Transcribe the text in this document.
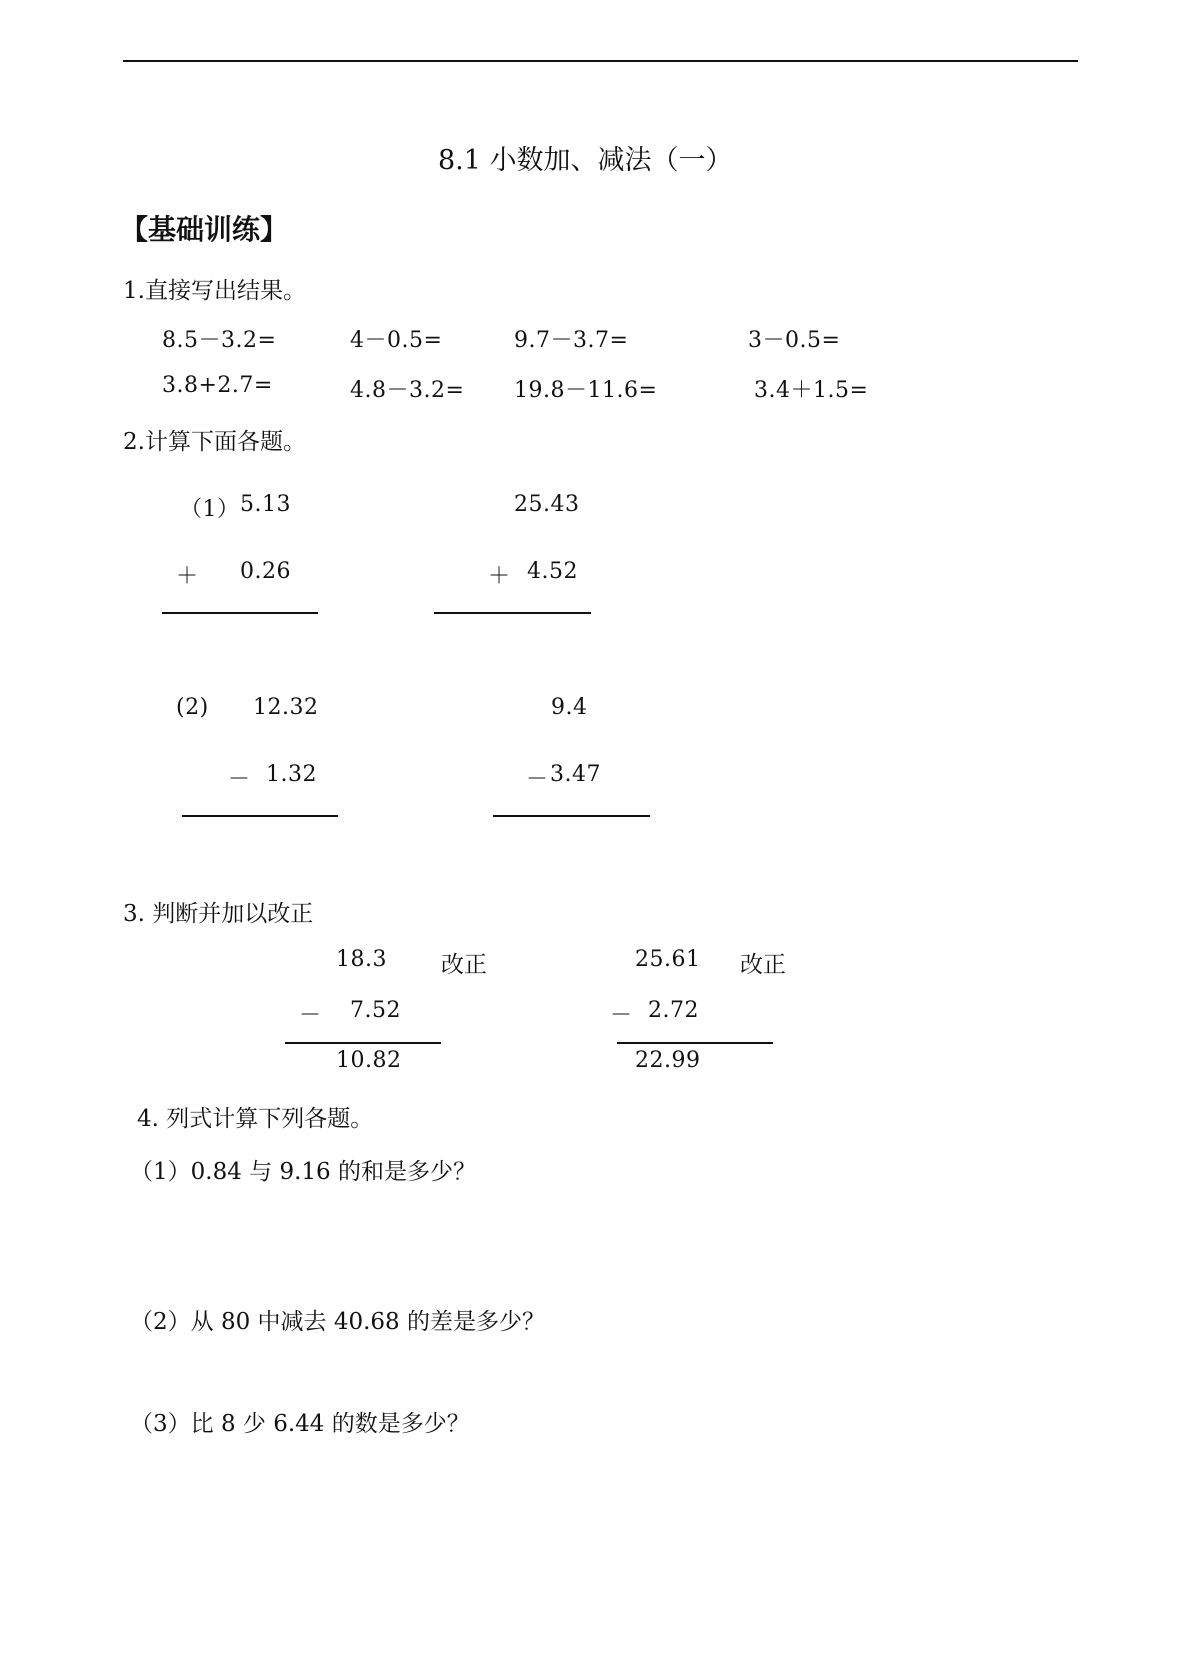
8.1 小数加、减法（一）
【基础训练】
1.直接写出结果。
8.5－3.2=	4－0.5=	9.7－3.7=	3－0.5=
3.8+2.7=	4.8－3.2= 19.8－11.6=	3.4＋1.5=
2.计算下面各题。
（1） 5.13
＋ 0.26
25.43
＋ 4.52
(2) 12.32
－ 1.32
9.4
－ 3.47
3. 判断并加以改正
18.3 改正
－ 7.52
10.82
25.61 改正
－ 2.72
22.99
4. 列式计算下列各题。
（1）0.84 与 9.16 的和是多少？
（2）从 80 中减去 40.68 的差是多少？
（3）比 8 少 6.44 的数是多少？
